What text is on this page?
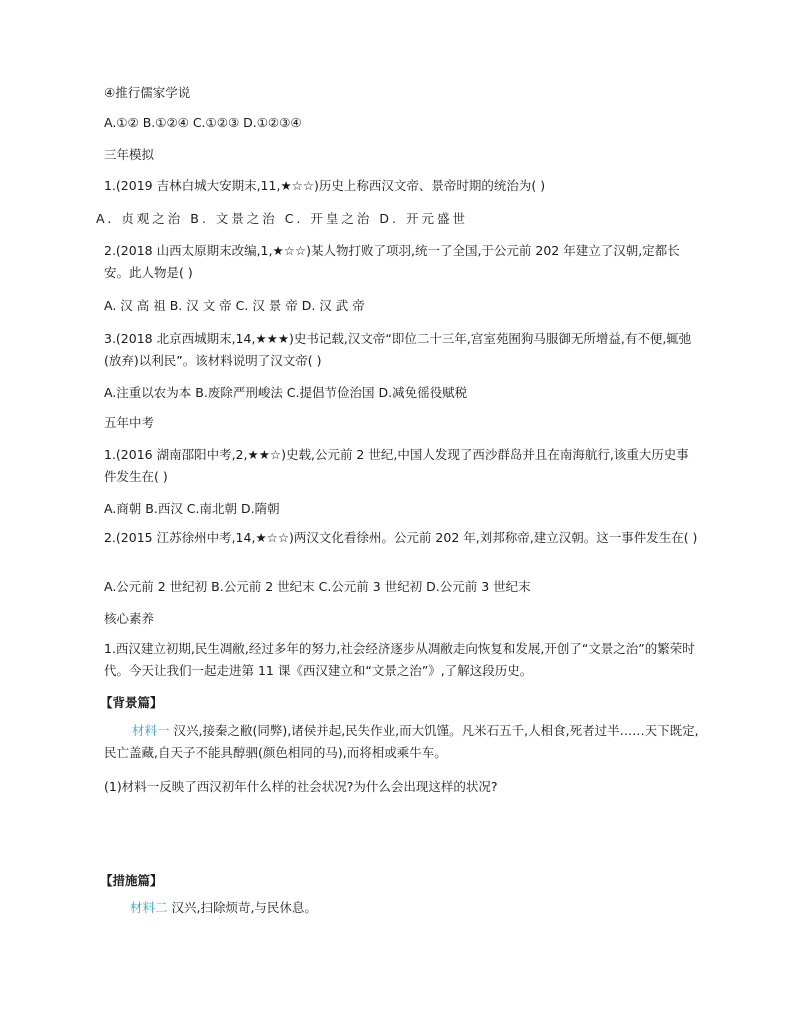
④推行儒家学说
A.①② B.①②④ C.①②③ D.①②③④
三年模拟
1.(2019 吉林白城大安期末,11,★☆☆)历史上称西汉文帝、景帝时期的统治为( )
A. 贞观之治 B. 文景之治 C. 开皇之治 D. 开元盛世
2.(2018 山西太原期末改编,1,★☆☆)某人物打败了项羽,统一了全国,于公元前 202 年建立了汉朝,定都长安。此人物是( )
A. 汉 高 祖 B. 汉 文 帝 C. 汉 景 帝 D. 汉 武 帝
3.(2018 北京西城期末,14,★★★)史书记载,汉文帝“即位二十三年,宫室苑囿狗马服御无所增益,有不便,辄弛(放弃)以利民”。该材料说明了汉文帝( )
A.注重以农为本 B.废除严刑峻法 C.提倡节俭治国 D.减免徭役赋税
五年中考
1.(2016 湖南邵阳中考,2,★★☆)史载,公元前 2 世纪,中国人发现了西沙群岛并且在南海航行,该重大历史事件发生在( )
A.商朝 B.西汉 C.南北朝 D.隋朝
2.(2015 江苏徐州中考,14,★☆☆)两汉文化看徐州。公元前 202 年,刘邦称帝,建立汉朝。这一事件发生在( )
A.公元前 2 世纪初 B.公元前 2 世纪末 C.公元前 3 世纪初 D.公元前 3 世纪末
核心素养
1.西汉建立初期,民生凋敝,经过多年的努力,社会经济逐步从凋敝走向恢复和发展,开创了“文景之治”的繁荣时代。今天让我们一起走进第 11 课《西汉建立和“文景之治”》,了解这段历史。
【背景篇】
材料一 汉兴,接秦之敝(同弊),诸侯并起,民失作业,而大饥馑。凡米石五千,人相食,死者过半……天下既定,民亡盖藏,自天子不能具醇驷(颜色相同的马),而将相或乘牛车。
(1)材料一反映了西汉初年什么样的社会状况?为什么会出现这样的状况?
【措施篇】
材料二 汉兴,扫除烦苛,与民休息。
